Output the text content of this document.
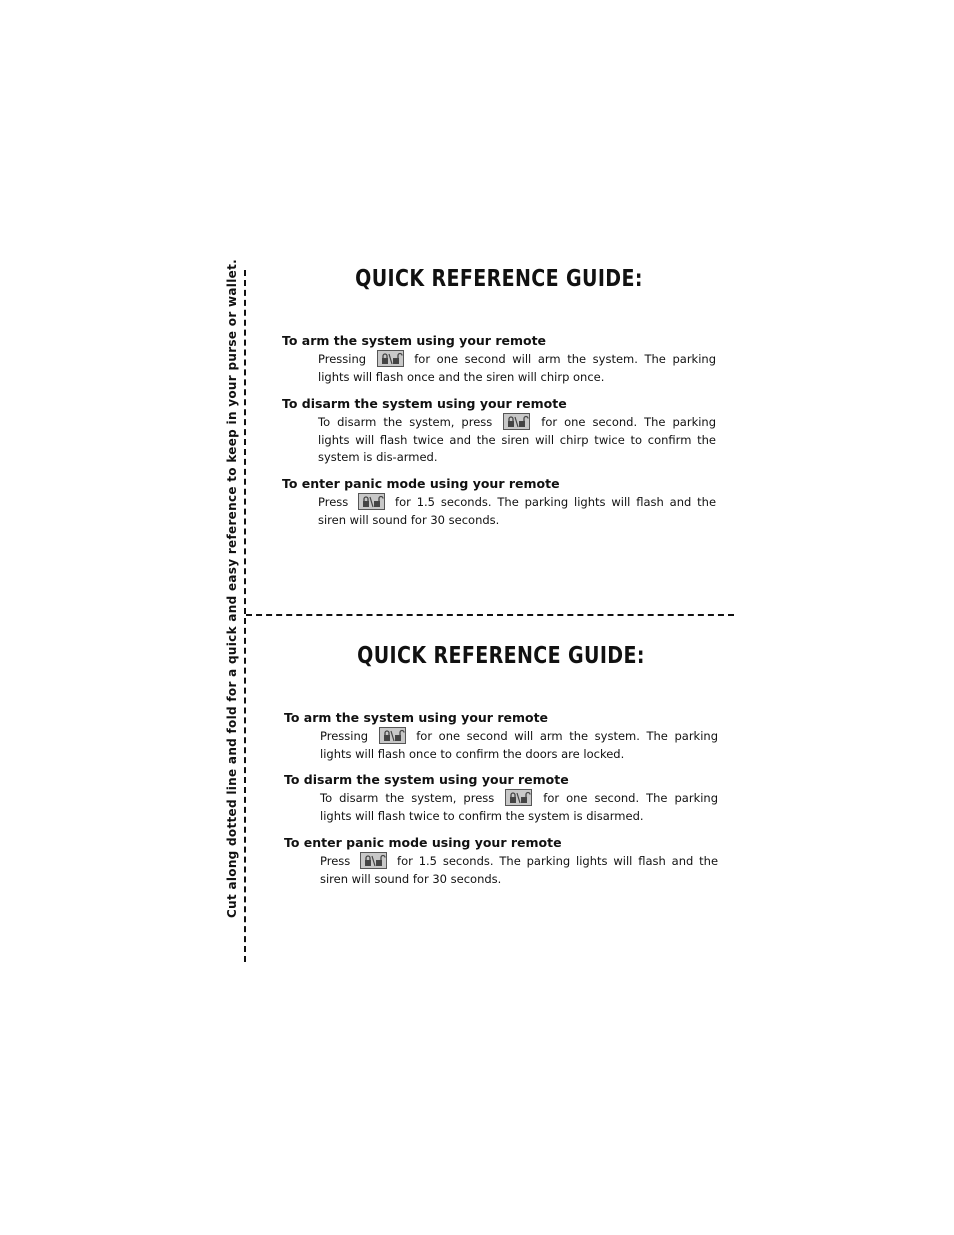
Cut along dotted line and fold for a quick and easy reference to keep in your purse or wallet.	QUICK REFERENCE GUIDE:

To arm the system using your remote

Pressing	for one second will arm the system. The parking lights will flash once and the siren will chirp once.

To disarm the system using your remote

To disarm the system, press	for one second. The parking lights will flash twice and the siren will chirp twice to confirm the system is dis-armed.

To enter panic mode using your remote

Press	for 1.5 seconds. The parking lights will flash and the siren will sound for 30 seconds.

QUICK REFERENCE GUIDE:

To arm the system using your remote

Pressing	for one second will arm the system. The parking lights will flash once to confirm the doors are locked.

To disarm the system using your remote

To disarm the system, press	for one second. The parking lights will flash twice to confirm the system is disarmed.

To enter panic mode using your remote

Press	for 1.5 seconds. The parking lights will flash and the siren will sound for 30 seconds.
